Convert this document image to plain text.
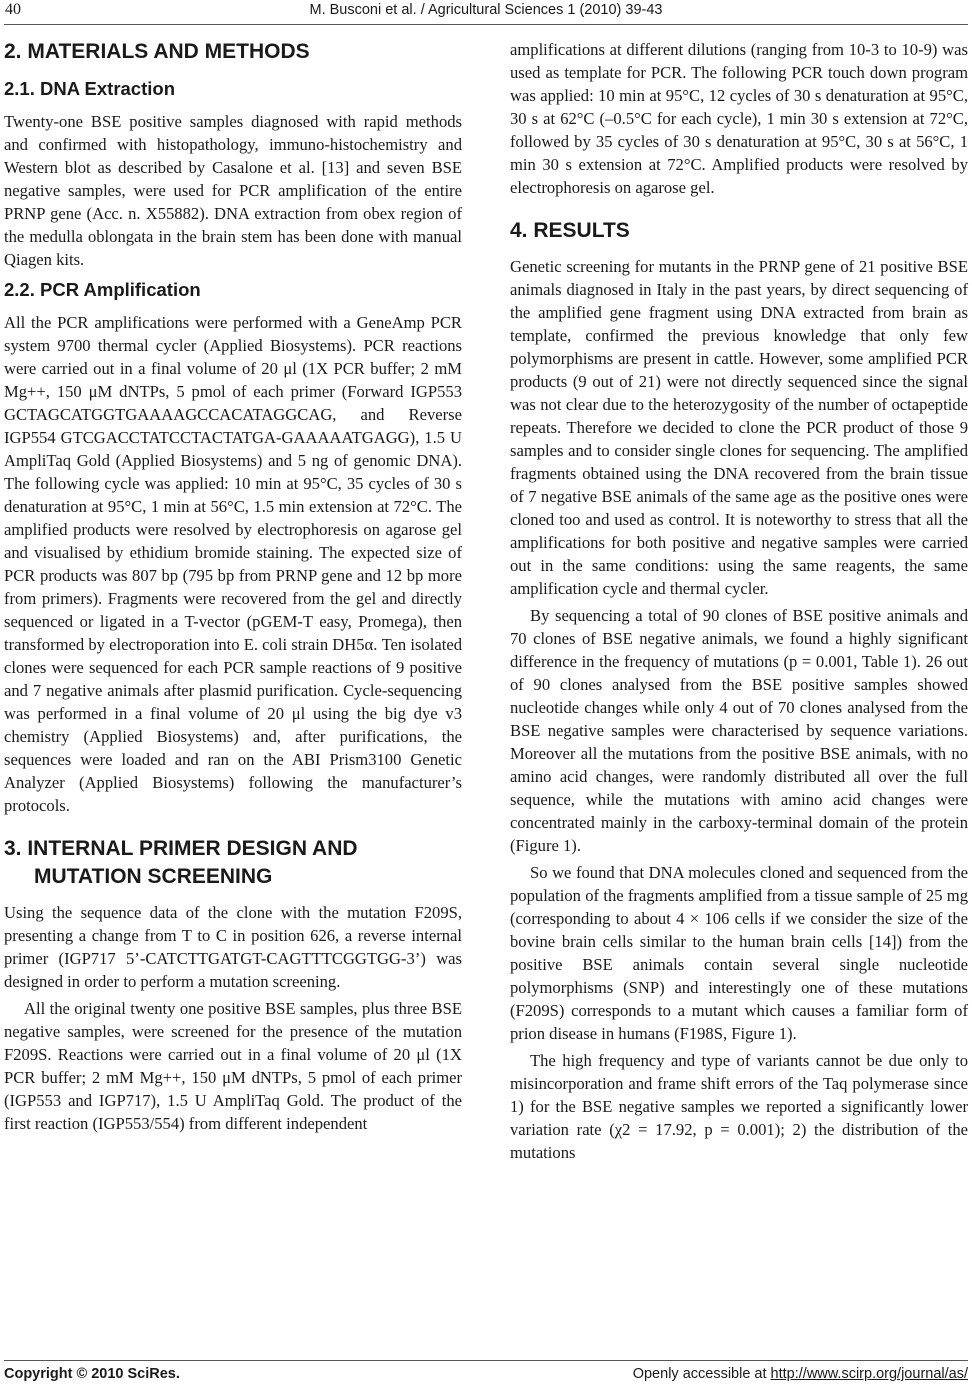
40	M. Busconi et al. / Agricultural Sciences 1 (2010) 39-43
2. MATERIALS AND METHODS
2.1. DNA Extraction

Twenty-one BSE positive samples diagnosed with rapid methods and confirmed with histopathology, immuno-histochemistry and Western blot as described by Casalone et al. [13] and seven BSE negative samples, were used for PCR amplification of the entire PRNP gene (Acc. n. X55882). DNA extraction from obex region of the medulla oblongata in the brain stem has been done with manual Qiagen kits.

2.2. PCR Amplification

All the PCR amplifications were performed with a GeneAmp PCR system 9700 thermal cycler (Applied Biosystems). PCR reactions were carried out in a final volume of 20 μl (1X PCR buffer; 2 mM Mg++, 150 μM dNTPs, 5 pmol of each primer (Forward IGP553 GCTAGCATGGTGAAAAGCCACATAGGCAG, and Reverse IGP554 GTCGACCTATCCTACTATGA-GAAAAATGAGG), 1.5 U AmpliTaq Gold (Applied Biosystems) and 5 ng of genomic DNA). The following cycle was applied: 10 min at 95°C, 35 cycles of 30 s denaturation at 95°C, 1 min at 56°C, 1.5 min extension at 72°C. The amplified products were resolved by electrophoresis on agarose gel and visualised by ethidium bromide staining. The expected size of PCR products was 807 bp (795 bp from PRNP gene and 12 bp more from primers). Fragments were recovered from the gel and directly sequenced or ligated in a T-vector (pGEM-T easy, Promega), then transformed by electroporation into E. coli strain DH5α. Ten isolated clones were sequenced for each PCR sample reactions of 9 positive and 7 negative animals after plasmid purification. Cycle-sequencing was performed in a final volume of 20 μl using the big dye v3 chemistry (Applied Biosystems) and, after purifications, the sequences were loaded and ran on the ABI Prism3100 Genetic Analyzer (Applied Biosystems) following the manufacturer’s protocols.

3. INTERNAL PRIMER DESIGN AND
MUTATION SCREENING

Using the sequence data of the clone with the mutation F209S, presenting a change from T to C in position 626, a reverse internal primer (IGP717 5’-CATCTTGATGT-CAGTTTCGGTGG-3’) was designed in order to perform a mutation screening.

All the original twenty one positive BSE samples, plus three BSE negative samples, were screened for the presence of the mutation F209S. Reactions were carried out in a final volume of 20 μl (1X PCR buffer; 2 mM Mg++, 150 μM dNTPs, 5 pmol of each primer (IGP553 and IGP717), 1.5 U AmpliTaq Gold. The product of the first reaction (IGP553/554) from different independent

amplifications at different dilutions (ranging from 10-3 to 10-9) was used as template for PCR. The following PCR touch down program was applied: 10 min at 95°C, 12 cycles of 30 s denaturation at 95°C, 30 s at 62°C (–0.5°C for each cycle), 1 min 30 s extension at 72°C, followed by 35 cycles of 30 s denaturation at 95°C, 30 s at 56°C, 1 min 30 s extension at 72°C. Amplified products were resolved by electrophoresis on agarose gel.

4. RESULTS

Genetic screening for mutants in the PRNP gene of 21 positive BSE animals diagnosed in Italy in the past years, by direct sequencing of the amplified gene fragment using DNA extracted from brain as template, confirmed the previous knowledge that only few polymorphisms are present in cattle. However, some amplified PCR products (9 out of 21) were not directly sequenced since the signal was not clear due to the heterozygosity of the number of octapeptide repeats. Therefore we decided to clone the PCR product of those 9 samples and to consider single clones for sequencing. The amplified fragments obtained using the DNA recovered from the brain tissue of 7 negative BSE animals of the same age as the positive ones were cloned too and used as control. It is noteworthy to stress that all the amplifications for both positive and negative samples were carried out in the same conditions: using the same reagents, the same amplification cycle and thermal cycler.

By sequencing a total of 90 clones of BSE positive animals and 70 clones of BSE negative animals, we found a highly significant difference in the frequency of mutations (p = 0.001, Table 1). 26 out of 90 clones analysed from the BSE positive samples showed nucleotide changes while only 4 out of 70 clones analysed from the BSE negative samples were characterised by sequence variations. Moreover all the mutations from the positive BSE animals, with no amino acid changes, were randomly distributed all over the full sequence, while the mutations with amino acid changes were concentrated mainly in the carboxy-terminal domain of the protein (Figure 1).

So we found that DNA molecules cloned and sequenced from the population of the fragments amplified from a tissue sample of 25 mg (corresponding to about 4 × 106 cells if we consider the size of the bovine brain cells similar to the human brain cells [14]) from the positive BSE animals contain several single nucleotide polymorphisms (SNP) and interestingly one of these mutations (F209S) corresponds to a mutant which causes a familiar form of prion disease in humans (F198S, Figure 1).

The high frequency and type of variants cannot be due only to misincorporation and frame shift errors of the Taq polymerase since 1) for the BSE negative samples we reported a significantly lower variation rate (χ2 = 17.92, p = 0.001); 2) the distribution of the mutations

Copyright © 2010 SciRes.	Openly accessible at http://www.scirp.org/journal/as/
